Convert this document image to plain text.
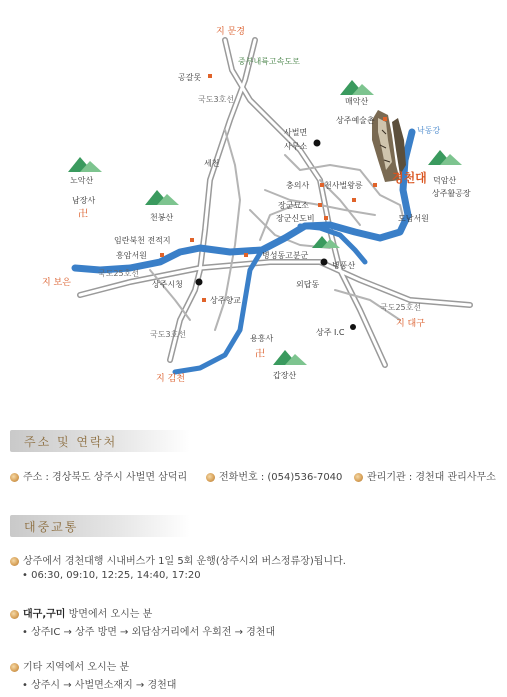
卍
卍
지 문경
중부내륙고속도로
공갈못
국도3호선	매악산
상주예술촌
사벌면
사무소
낙동강
노악산
세천
충의사 천사벌왕릉
경천대 덕암산
상주활공장
남장사
천봉산
장군묘소
장군신도비	도남서원
임란북천 전적지
흥암서원	병성동고분군
병풍산
지 보은
국도25호선
상주시청	외답동
상주향교
국도25호선
지 대구
국도3호선	상주 I.C
용흥사
지 김천	갑장산
주소 및 연락처
주소 : 경상북도 상주시 사벌면 삼덕리	전화번호 : (054)536-7040	관리기관 : 경천대 관리사무소
대중교통
상주에서 경천대행 시내버스가 1일 5회 운행(상주시외 버스정류장)됩니다.
• 06:30, 09:10, 12:25, 14:40, 17:20
대구,구미 방면에서 오시는 분
• 상주IC → 상주 방면 → 외답삼거리에서 우회전 → 경천대
기타 지역에서 오시는 분
• 상주시 → 사벌면소재지 → 경천대
